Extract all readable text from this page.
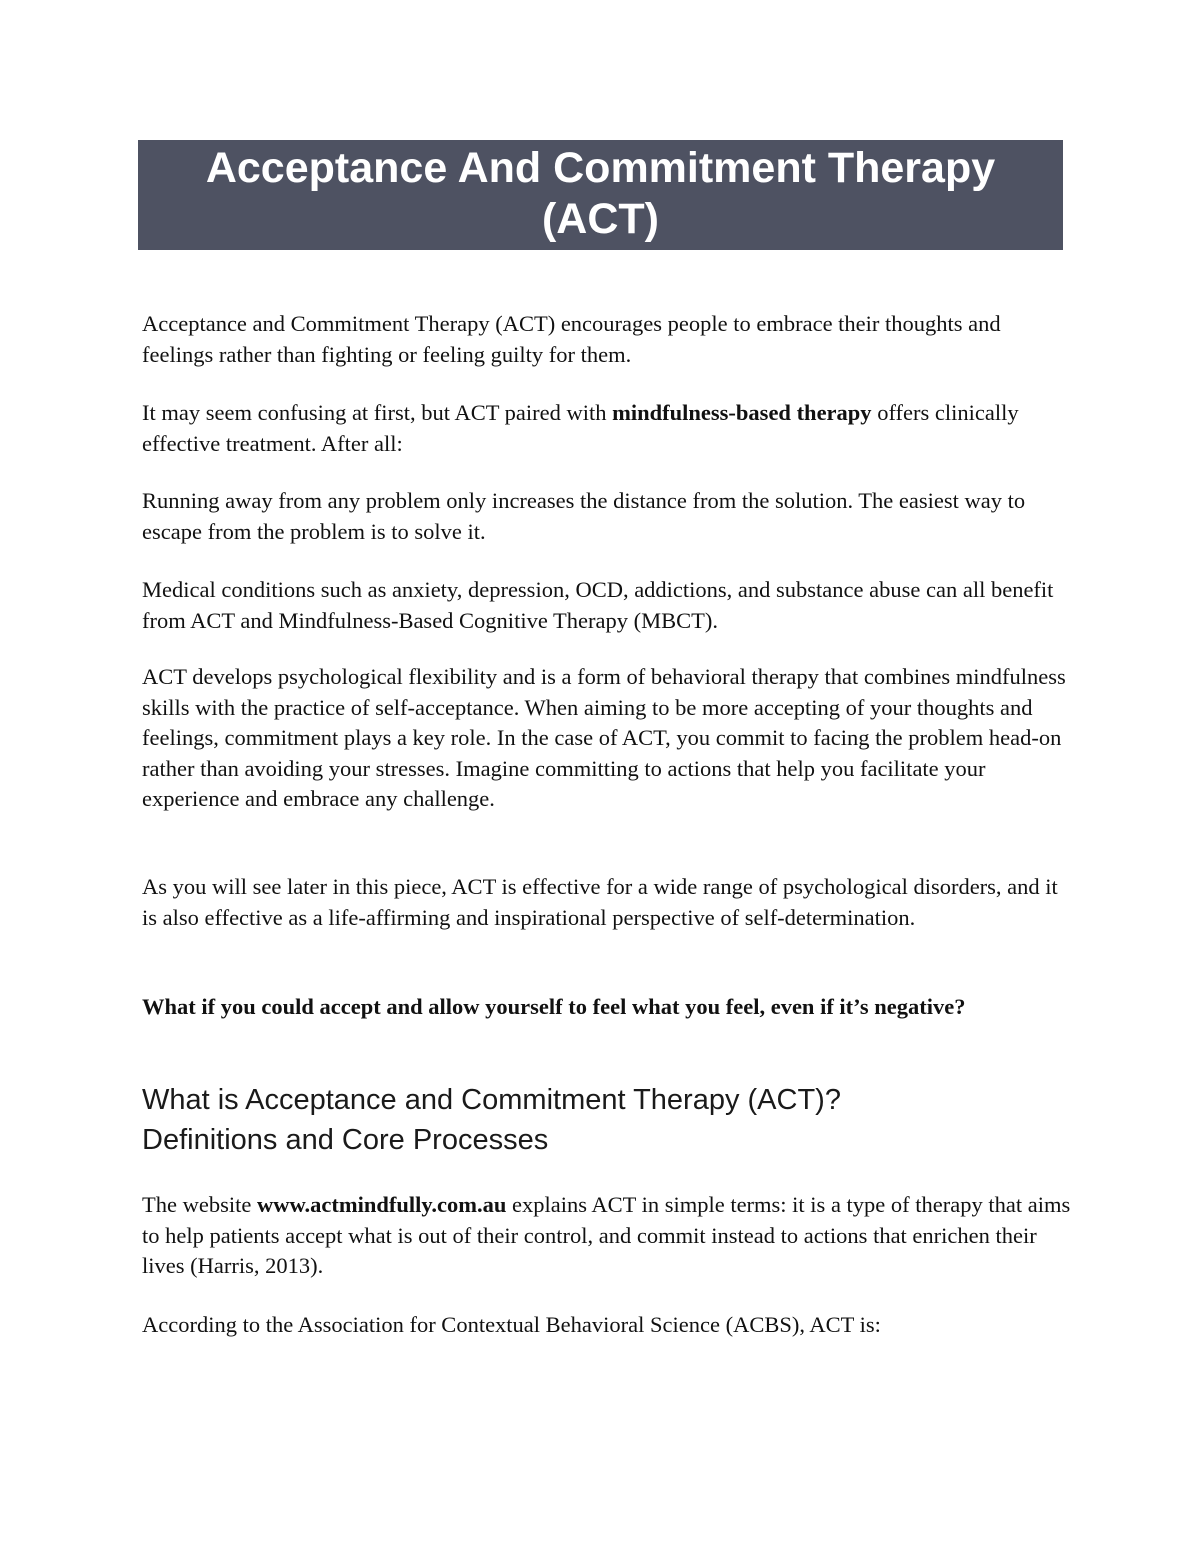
Acceptance And Commitment Therapy
(ACT)

Acceptance and Commitment Therapy (ACT) encourages people to embrace their thoughts and feelings rather than fighting or feeling guilty for them.

It may seem confusing at first, but ACT paired with mindfulness-based therapy offers clinically effective treatment. After all:

Running away from any problem only increases the distance from the solution. The easiest way to escape from the problem is to solve it.

Medical conditions such as anxiety, depression, OCD, addictions, and substance abuse can all benefit from ACT and Mindfulness-Based Cognitive Therapy (MBCT).

ACT develops psychological flexibility and is a form of behavioral therapy that combines mindfulness skills with the practice of self-acceptance. When aiming to be more accepting of your thoughts and feelings, commitment plays a key role. In the case of ACT, you commit to facing the problem head-on rather than avoiding your stresses. Imagine committing to actions that help you facilitate your experience and embrace any challenge.

As you will see later in this piece, ACT is effective for a wide range of psychological disorders, and it is also effective as a life-affirming and inspirational perspective of self-determination.

What if you could accept and allow yourself to feel what you feel, even if it’s negative?

What is Acceptance and Commitment Therapy (ACT)?
Definitions and Core Processes

The website www.actmindfully.com.au explains ACT in simple terms: it is a type of therapy that aims to help patients accept what is out of their control, and commit instead to actions that enrichen their lives (Harris, 2013).

According to the Association for Contextual Behavioral Science (ACBS), ACT is:
